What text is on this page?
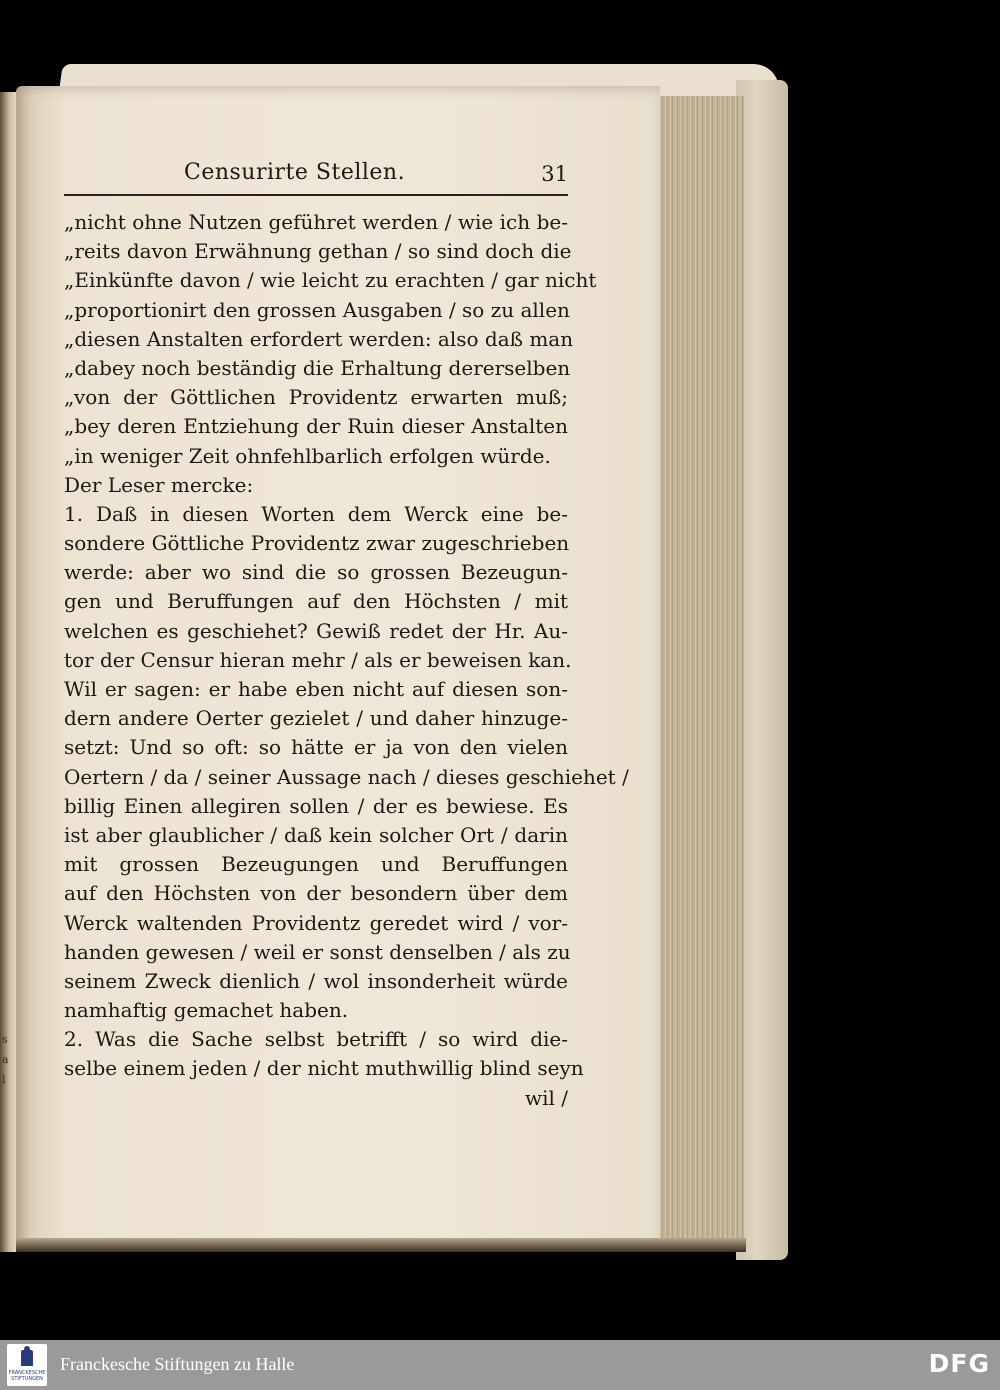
s
a
l
Censurirte Stellen.	31
„nicht ohne Nutzen geführet werden / wie ich be-
„reits davon Erwähnung gethan / so sind doch die
„Einkünfte davon / wie leicht zu erachten / gar nicht
„proportionirt den grossen Ausgaben / so zu allen
„diesen Anstalten erfordert werden: also daß man
„dabey noch beständig die Erhaltung dererselben
„von der Göttlichen Providentz erwarten muß;
„bey deren Entziehung der Ruin dieser Anstalten
„in weniger Zeit ohnfehlbarlich erfolgen würde.
Der Leser mercke:
1. Daß in diesen Worten dem Werck eine be-
sondere Göttliche Providentz zwar zugeschrieben
werde: aber wo sind die so grossen Bezeugun-
gen und Beruffungen auf den Höchsten / mit
welchen es geschiehet? Gewiß redet der Hr. Au-
tor der Censur hieran mehr / als er beweisen kan.
Wil er sagen: er habe eben nicht auf diesen son-
dern andere Oerter gezielet / und daher hinzuge-
setzt: Und so oft: so hätte er ja von den vielen
Oertern / da / seiner Aussage nach / dieses geschiehet /
billig Einen allegiren sollen / der es bewiese. Es
ist aber glaublicher / daß kein solcher Ort / darin
mit grossen Bezeugungen und Beruffungen
auf den Höchsten von der besondern über dem
Werck waltenden Providentz geredet wird / vor-
handen gewesen / weil er sonst denselben / als zu
seinem Zweck dienlich / wol insonderheit würde
namhaftig gemachet haben.
2. Was die Sache selbst betrifft / so wird die-
selbe einem jeden / der nicht muthwillig blind seyn
wil /
FRANCKESCHE STIFTUNGEN
Franckesche Stiftungen zu Halle	DFG
